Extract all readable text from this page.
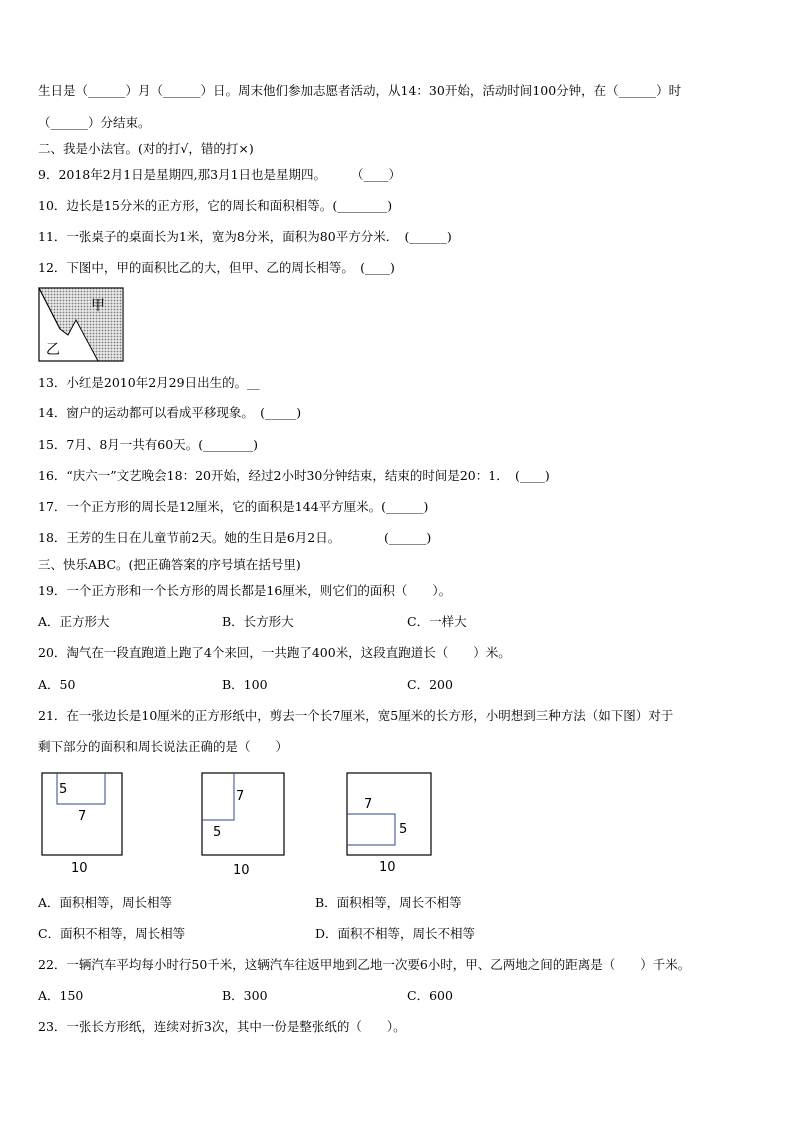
生日是（______）月（______）日。周末他们参加志愿者活动，从14：30开始，活动时间100分钟，在（______）时
（______）分结束。
二、我是小法官。(对的打√，错的打×)
9．2018年2月1日是星期四,那3月1日也是星期四。　　　（____）
10．边长是15分米的正方形，它的周长和面积相等。(________)
11．一张桌子的桌面长为1米，宽为8分米，面积为80平方分米．　(______)
12．下图中，甲的面积比乙的大，但甲、乙的周长相等。　(____)
甲
乙
13．小红是2010年2月29日出生的。__
14．窗户的运动都可以看成平移现象。　(_____)
15．7月、8月一共有60天。(________)
16．“庆六一”文艺晚会18：20开始，经过2小时30分钟结束，结束的时间是20：1．　(____)
17．一个正方形的周长是12厘米，它的面积是144平方厘米。(______)
18．王芳的生日在儿童节前2天。她的生日是6月2日。　　　　(______)
三、快乐ABC。(把正确答案的序号填在括号里)
19．一个正方形和一个长方形的周长都是16厘米，则它们的面积（　　）。
A．正方形大	B．长方形大	C．一样大
20．淘气在一段直跑道上跑了4个来回，一共跑了400米，这段直跑道长（　　）米。
A．50	B．100	C．200
21．在一张边长是10厘米的正方形纸中，剪去一个长7厘米，宽5厘米的长方形，小明想到三种方法（如下图）对于
剩下部分的面积和周长说法正确的是（　　）
5
7
10
7
5
10
7
5
10
A．面积相等，周长相等	B．面积相等，周长不相等
C．面积不相等，周长相等	D．面积不相等，周长不相等
22．一辆汽车平均每小时行50千米，这辆汽车往返甲地到乙地一次要6小时，甲、乙两地之间的距离是（　　）千米。
A．150	B．300	C．600
23．一张长方形纸，连续对折3次，其中一份是整张纸的（　　）。
